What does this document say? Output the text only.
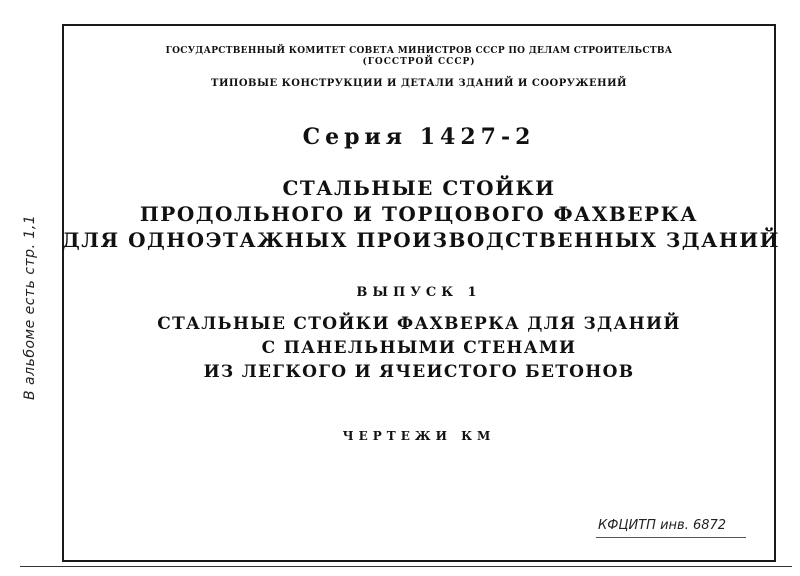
ГОСУДАРСТВЕННЫЙ КОМИТЕТ СОВЕТА МИНИСТРОВ СССР ПО ДЕЛАМ СТРОИТЕЛЬСТВА
(ГОССТРОЙ СССР)
ТИПОВЫЕ КОНСТРУКЦИИ И ДЕТАЛИ ЗДАНИЙ И СООРУЖЕНИЙ
Серия 1427-2
СТАЛЬНЫЕ СТОЙКИ
ПРОДОЛЬНОГО И ТОРЦОВОГО ФАХВЕРКА
ДЛЯ ОДНОЭТАЖНЫХ ПРОИЗВОДСТВЕННЫХ ЗДАНИЙ
ВЫПУСК 1
СТАЛЬНЫЕ СТОЙКИ ФАХВЕРКА ДЛЯ ЗДАНИЙ
С ПАНЕЛЬНЫМИ СТЕНАМИ
ИЗ ЛЕГКОГО И ЯЧЕИСТОГО БЕТОНОВ
ЧЕРТЕЖИ КМ
В альбоме есть стр. 1,1
КФЦИТП инв. 6872
